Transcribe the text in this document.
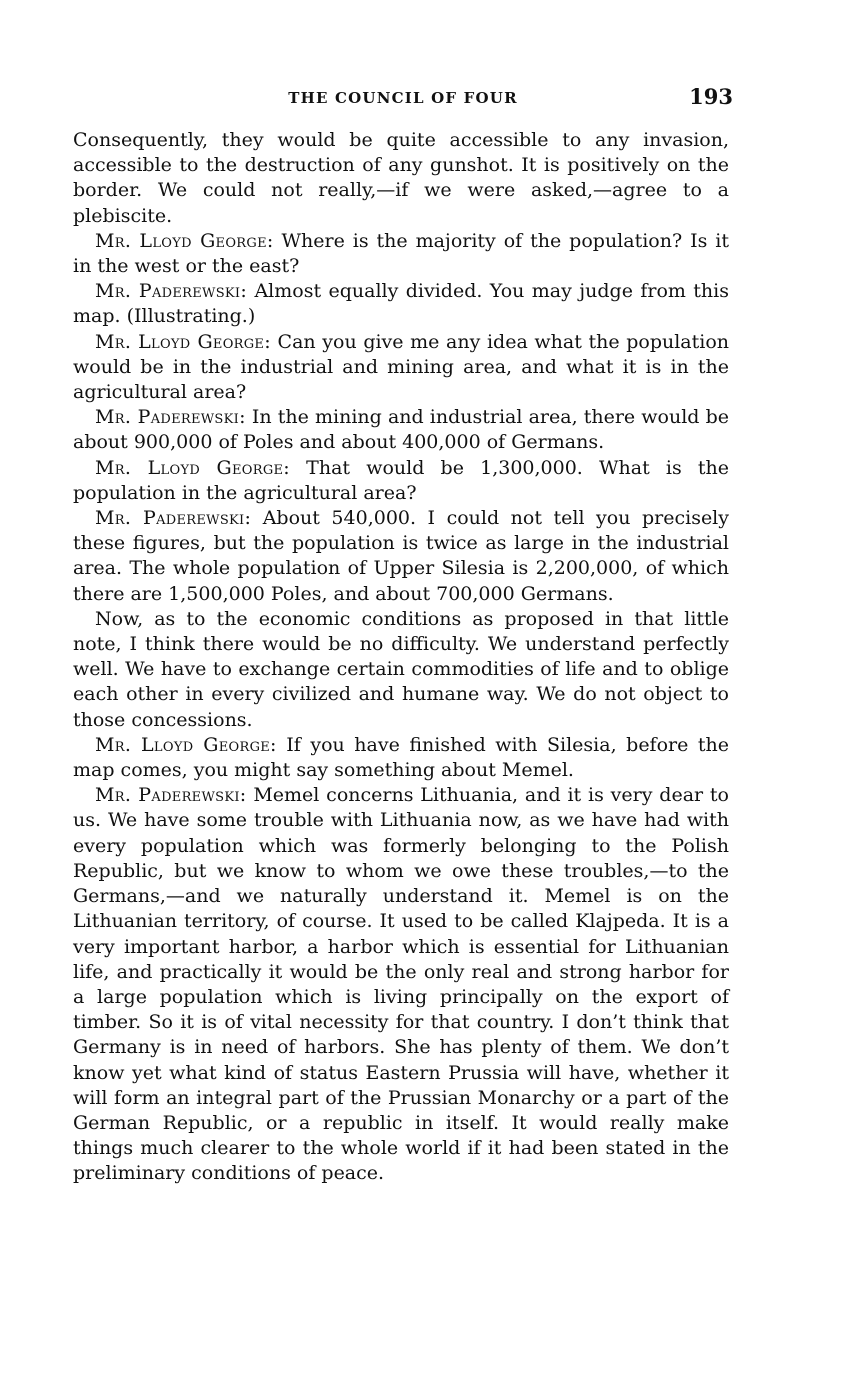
THE COUNCIL OF FOUR	193

Consequently, they would be quite accessible to any invasion, accessible to the destruction of any gunshot. It is positively on the border. We could not really,—if we were asked,—agree to a plebiscite.

Mr. Lloyd George: Where is the majority of the population? Is it in the west or the east?

Mr. Paderewski: Almost equally divided. You may judge from this map. (Illustrating.)

Mr. Lloyd George: Can you give me any idea what the population would be in the industrial and mining area, and what it is in the agricultural area?

Mr. Paderewski: In the mining and industrial area, there would be about 900,000 of Poles and about 400,000 of Germans.

Mr. Lloyd George: That would be 1,300,000. What is the population in the agricultural area?

Mr. Paderewski: About 540,000. I could not tell you precisely these figures, but the population is twice as large in the industrial area. The whole population of Upper Silesia is 2,200,000, of which there are 1,500,000 Poles, and about 700,000 Germans.

Now, as to the economic conditions as proposed in that little note, I think there would be no difficulty. We understand perfectly well. We have to exchange certain commodities of life and to oblige each other in every civilized and humane way. We do not object to those concessions.

Mr. Lloyd George: If you have finished with Silesia, before the map comes, you might say something about Memel.

Mr. Paderewski: Memel concerns Lithuania, and it is very dear to us. We have some trouble with Lithuania now, as we have had with every population which was formerly belonging to the Polish Republic, but we know to whom we owe these troubles,—to the Germans,—and we naturally understand it. Memel is on the Lithuanian territory, of course. It used to be called Klajpeda. It is a very important harbor, a harbor which is essential for Lithuanian life, and practically it would be the only real and strong harbor for a large population which is living principally on the export of timber. So it is of vital necessity for that country. I don’t think that Germany is in need of harbors. She has plenty of them. We don’t know yet what kind of status Eastern Prussia will have, whether it will form an integral part of the Prussian Monarchy or a part of the German Republic, or a republic in itself. It would really make things much clearer to the whole world if it had been stated in the preliminary conditions of peace.
